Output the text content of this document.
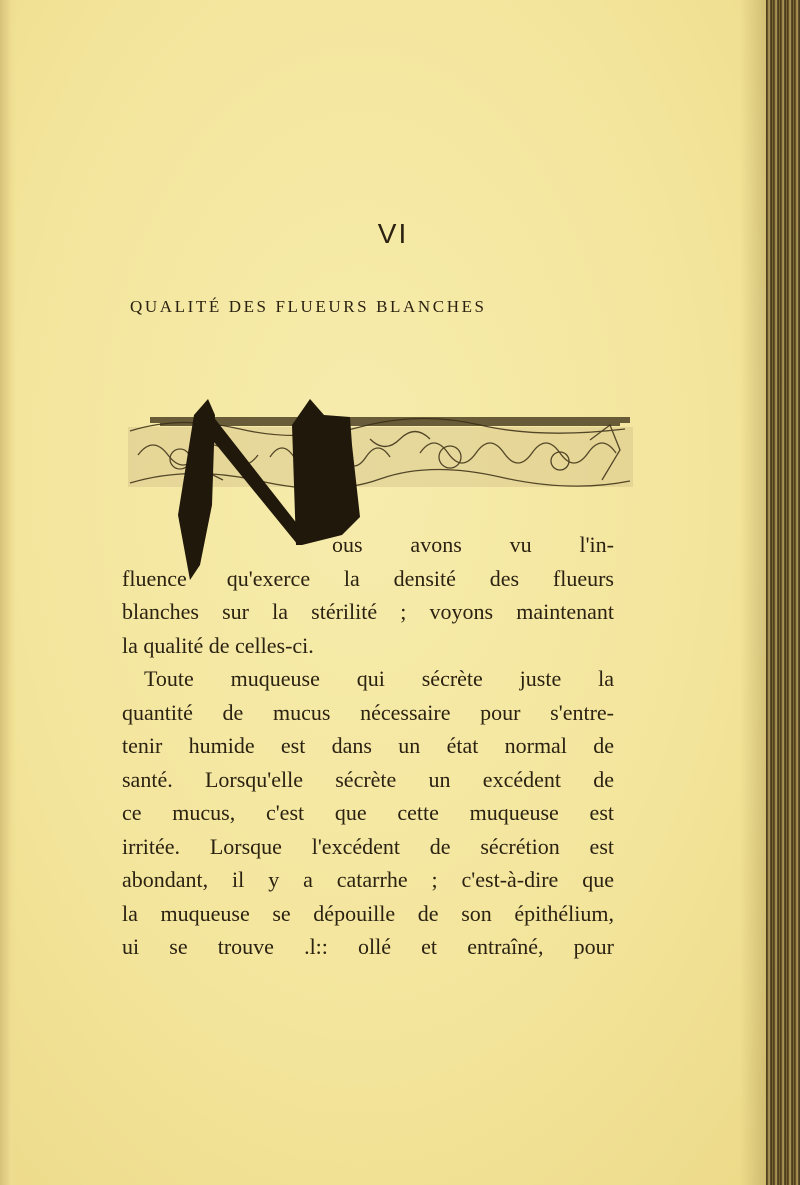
VI
QUALITÉ DES FLUEURS BLANCHES
ous avons vu l'in-
fluence qu'exerce la densité des flueurs
blanches sur la stérilité ; voyons maintenant
la qualité de celles-ci.
Toute muqueuse qui sécrète juste la
quantité de mucus nécessaire pour s'entre-
tenir humide est dans un état normal de
santé. Lorsqu'elle sécrète un excédent de
ce mucus, c'est que cette muqueuse est
irritée. Lorsque l'excédent de sécrétion est
abondant, il y a catarrhe ; c'est-à-dire que
la muqueuse se dépouille de son épithélium,
ui se trouve .l:: ollé et entraîné, pour
